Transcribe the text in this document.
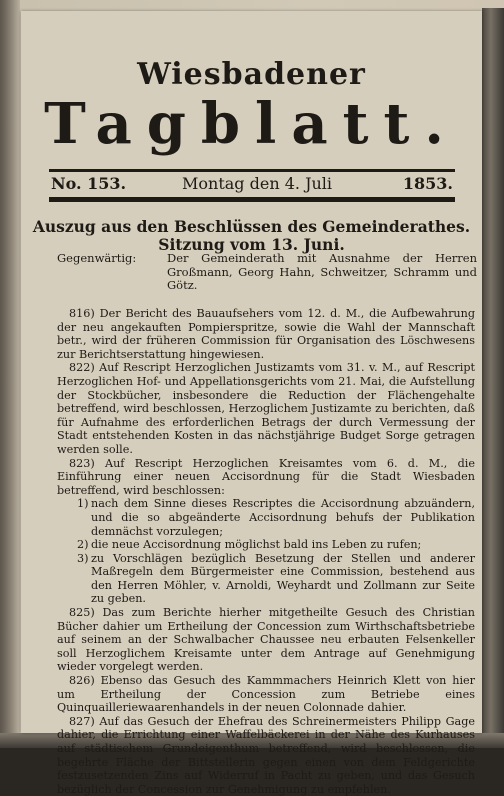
Wiesbadener
Tagblatt.
No. 153.	Montag den 4. Juli	1853.
Auszug aus den Beschlüssen des Gemeinderathes.
Sitzung vom 13. Juni.
Gegenwärtig:	Der Gemeinderath mit Ausnahme der Herren Großmann, Georg Hahn, Schweitzer, Schramm und Götz.

816) Der Bericht des Bauaufsehers vom 12. d. M., die Aufbewahrung der neu angekauften Pompierspritze, sowie die Wahl der Mannschaft betr., wird der früheren Commission für Organisation des Löschwesens zur Berichtserstattung hingewiesen.

822) Auf Rescript Herzoglichen Justizamts vom 31. v. M., auf Rescript Herzoglichen Hof- und Appellationsgerichts vom 21. Mai, die Aufstellung der Stockbücher, insbesondere die Reduction der Flächengehalte betreffend, wird beschlossen, Herzoglichem Justizamte zu berichten, daß für Aufnahme des erforderlichen Betrags der durch Vermessung der Stadt entstehenden Kosten in das nächstjährige Budget Sorge getragen werden solle.

823) Auf Rescript Herzoglichen Kreisamtes vom 6. d. M., die Einführung einer neuen Accisordnung für die Stadt Wiesbaden betreffend, wird beschlossen:

1) nach dem Sinne dieses Rescriptes die Accisordnung abzuändern, und die so abgeänderte Accisordnung behufs der Publikation demnächst vorzulegen;

2) die neue Accisordnung möglichst bald ins Leben zu rufen;

3) zu Vorschlägen bezüglich Besetzung der Stellen und anderer Maßregeln dem Bürgermeister eine Commission, bestehend aus den Herren Möhler, v. Arnoldi, Weyhardt und Zollmann zur Seite zu geben.

825) Das zum Berichte hierher mitgetheilte Gesuch des Christian Bücher dahier um Ertheilung der Concession zum Wirthschaftsbetriebe auf seinem an der Schwalbacher Chaussee neu erbauten Felsenkeller soll Herzoglichem Kreisamte unter dem Antrage auf Genehmigung wieder vorgelegt werden.

826) Ebenso das Gesuch des Kammmachers Heinrich Klett von hier um Ertheilung der Concession zum Betriebe eines Quinquailleriewaarenhandels in der neuen Colonnade dahier.

827) Auf das Gesuch der Ehefrau des Schreinermeisters Philipp Gage dahier, die Errichtung einer Waffelbäckerei in der Nähe des Kurhauses auf städtischem Grundeigenthum betreffend, wird beschlossen, die begehrte Fläche der Bittstellerin gegen einen von dem Feldgerichte festzusetzenden Zins auf Widerruf in Pacht zu geben, und das Gesuch bezüglich der Concession zur Genehmigung zu empfehlen.
